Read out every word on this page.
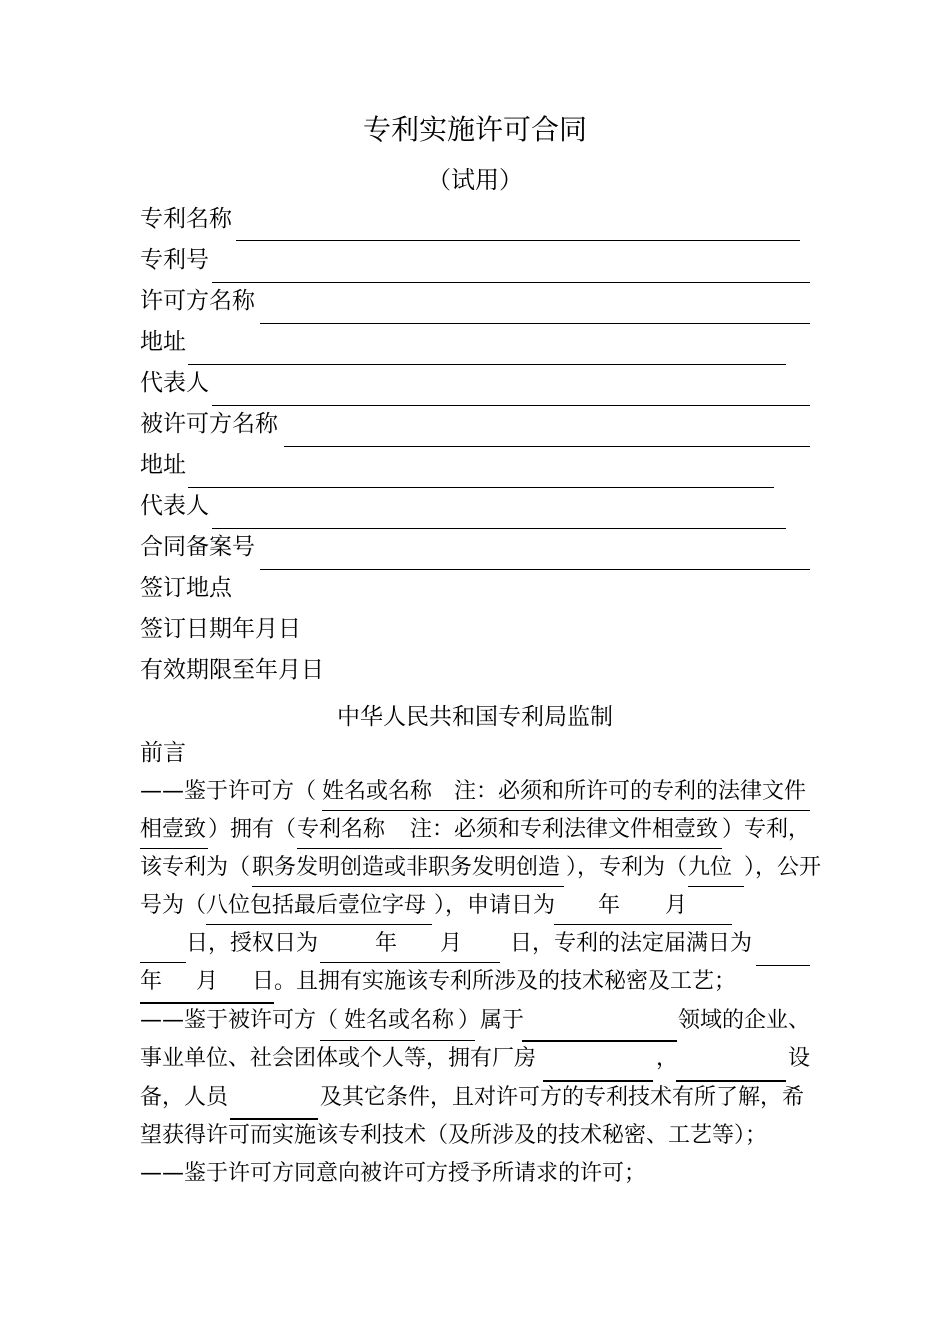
专利实施许可合同
（试用）
专利名称
专利号
许可方名称
地址
代表人
被许可方名称
地址
代表人
合同备案号
签订地点
签订日期年月日
有效期限至年月日
中华人民共和国专利局监制
前言
——鉴于许可方（ 姓名或名称 注：必须和所许可的专利的法律文件
相壹致 ）拥有（ 专利名称 注：必须和专利法律文件相壹致 ）专利，
该专利为（ 职务发明创造或非职务发明创造 ），专利为（ 九位 ），公开
号为（ 八位包括最后壹位字母 ），申请日为 年 月
日，授权日为	年 月 日，专利的法定届满日为
年 月 日。且拥有实施该专利所涉及的技术秘密及工艺；
——鉴于被许可方（ 姓名或名称 ）属于	领域的企业、
事业单位、社会团体或个人等，拥有厂房	，	设
备，人员	及其它条件，且对许可方的专利技术有所了解，希
望获得许可而实施该专利技术（及所涉及的技术秘密、工艺等）；
——鉴于许可方同意向被许可方授予所请求的许可；
